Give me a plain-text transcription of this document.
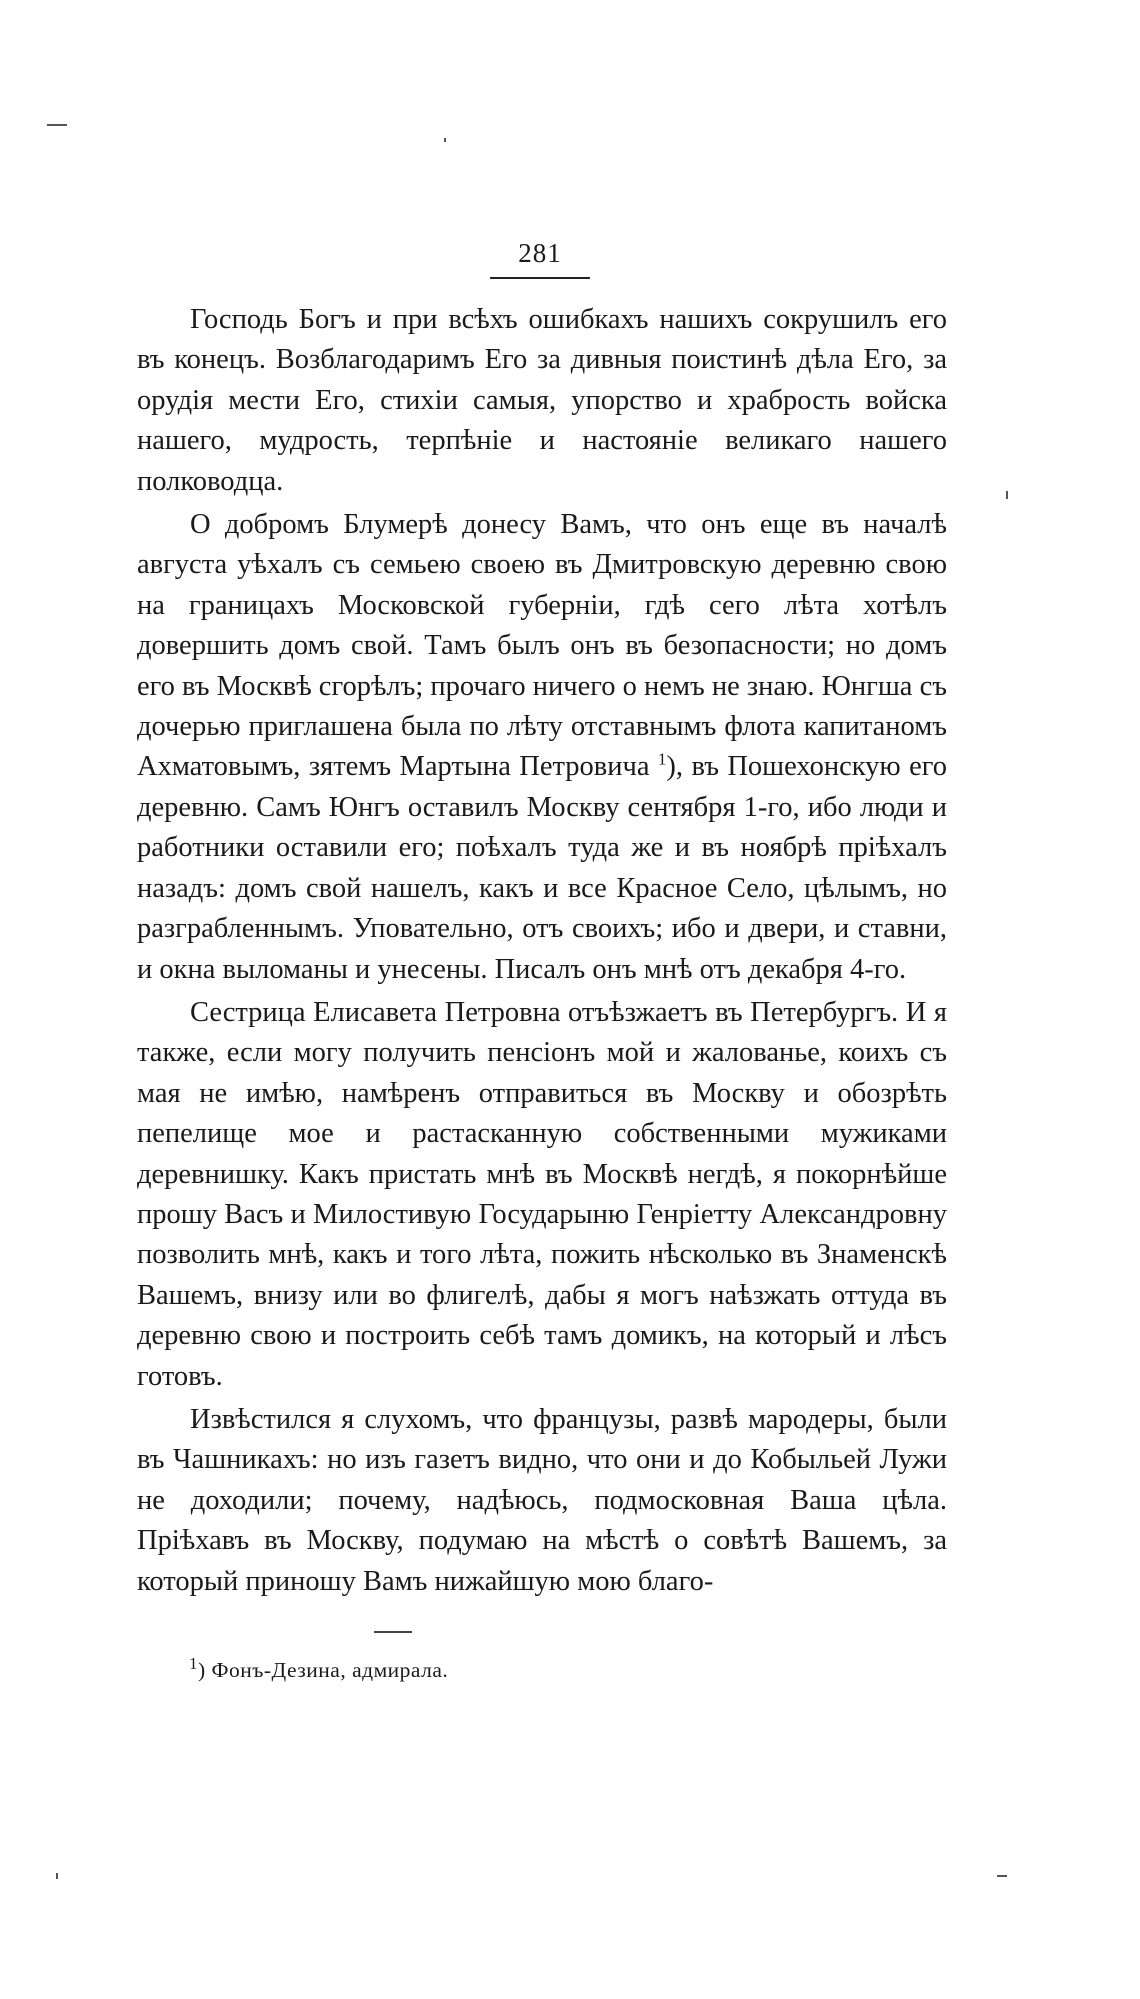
281

Господь Богъ и при всѣхъ ошибкахъ нашихъ сокрушилъ его въ конецъ. Возблагодаримъ Его за дивныя поистинѣ дѣла Его, за орудія мести Его, стихіи самыя, упорство и храбрость войска нашего, мудрость, терпѣніе и настояніе великаго нашего полководца.

О добромъ Блумерѣ донесу Вамъ, что онъ еще въ началѣ августа уѣхалъ съ семьею своею въ Дмитровскую деревню свою на границахъ Московской губерніи, гдѣ сего лѣта хотѣлъ довершить домъ свой. Тамъ былъ онъ въ безопасности; но домъ его въ Москвѣ сгорѣлъ; прочаго ничего о немъ не знаю. Юнгша съ дочерью приглашена была по лѣту отставнымъ флота капитаномъ Ахматовымъ, зятемъ Мартына Петровича $^1$), въ Пошехонскую его деревню. Самъ Юнгъ оставилъ Москву сентября 1-го, ибо люди и работники оставили его; поѣхалъ туда же и въ ноябрѣ пріѣхалъ назадъ: домъ свой нашелъ, какъ и все Красное Село, цѣлымъ, но разграбленнымъ. Уповательно, отъ своихъ; ибо и двери, и ставни, и окна выломаны и унесены. Писалъ онъ мнѣ отъ декабря 4-го.

Сестрица Елисавета Петровна отъѣзжаетъ въ Петербургъ. И я также, если могу получить пенсіонъ мой и жалованье, коихъ съ мая не имѣю, намѣренъ отправиться въ Москву и обозрѣть пепелище мое и растасканную собственными мужиками деревнишку. Какъ пристать мнѣ въ Москвѣ негдѣ, я покорнѣйше прошу Васъ и Милостивую Государыню Генріетту Александровну позволить мнѣ, какъ и того лѣта, пожить нѣсколько въ Знаменскѣ Вашемъ, внизу или во флигелѣ, дабы я могъ наѣзжать оттуда въ деревню свою и построить себѣ тамъ домикъ, на который и лѣсъ готовъ.

Извѣстился я слухомъ, что французы, развѣ мародеры, были въ Чашникахъ: но изъ газетъ видно, что они и до Кобыльей Лужи не доходили; почему, надѣюсь, подмосковная Ваша цѣла. Пріѣхавъ въ Москву, подумаю на мѣстѣ о совѣтѣ Вашемъ, за который приношу Вамъ нижайшую мою благо-

$^1$) Фонъ-Дезина, адмирала.
